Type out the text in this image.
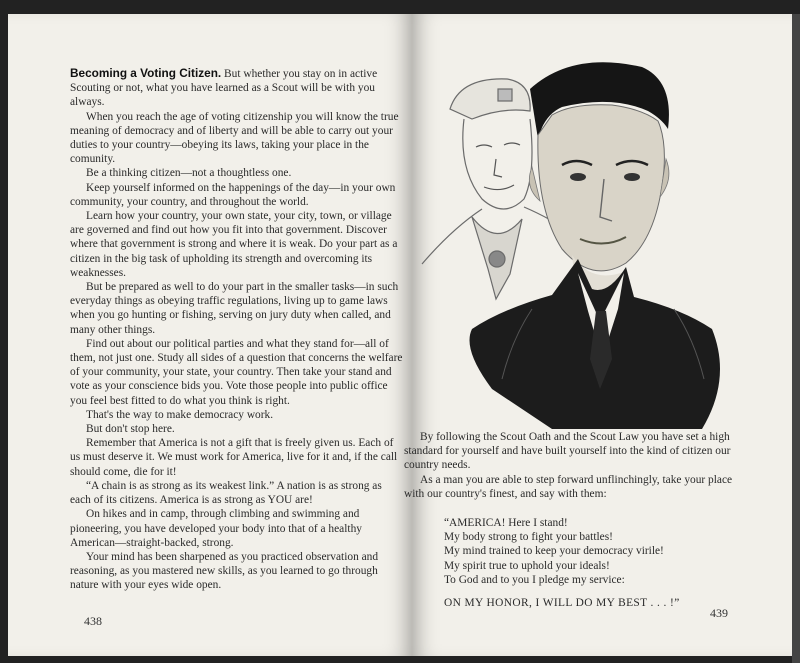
Becoming a Voting Citizen. But whether you stay on in active Scouting or not, what you have learned as a Scout will be with you always.

When you reach the age of voting citizenship you will know the true meaning of democracy and of liberty and will be able to carry out your duties to your country—obeying its laws, taking your place in the comunity.

Be a thinking citizen—not a thoughtless one.

Keep yourself informed on the happenings of the day—in your own community, your country, and throughout the world.

Learn how your country, your own state, your city, town, or village are governed and find out how you fit into that government. Discover where that government is strong and where it is weak. Do your part as a citizen in the big task of upholding its strength and overcoming its weaknesses.

But be prepared as well to do your part in the smaller tasks—in such everyday things as obeying traffic regulations, living up to game laws when you go hunting or fishing, serving on jury duty when called, and many other things.

Find out about our political parties and what they stand for—all of them, not just one. Study all sides of a question that concerns the welfare of your community, your state, your country. Then take your stand and vote as your conscience bids you. Vote those people into public office you feel best fitted to do what you think is right.

That's the way to make democracy work.

But don't stop here.

Remember that America is not a gift that is freely given us. Each of us must deserve it. We must work for America, live for it and, if the call should come, die for it!

“A chain is as strong as its weakest link.” A nation is as strong as each of its citizens. America is as strong as YOU are!

On hikes and in camp, through climbing and swimming and pioneering, you have developed your body into that of a healthy American—straight-backed, strong.

Your mind has been sharpened as you practiced observation and reasoning, as you mastered new skills, as you learned to go through nature with your eyes wide open.

438

By following the Scout Oath and the Scout Law you have set a high standard for yourself and have built yourself into the kind of citizen our country needs.

As a man you are able to step forward unflinchingly, take your place with our country's finest, and say with them:

“AMERICA! Here I stand!

My body strong to fight your battles!

My mind trained to keep your democracy virile!

My spirit true to uphold your ideals!

To God and to you I pledge my service:

ON MY HONOR, I WILL DO MY BEST . . . !”

439
